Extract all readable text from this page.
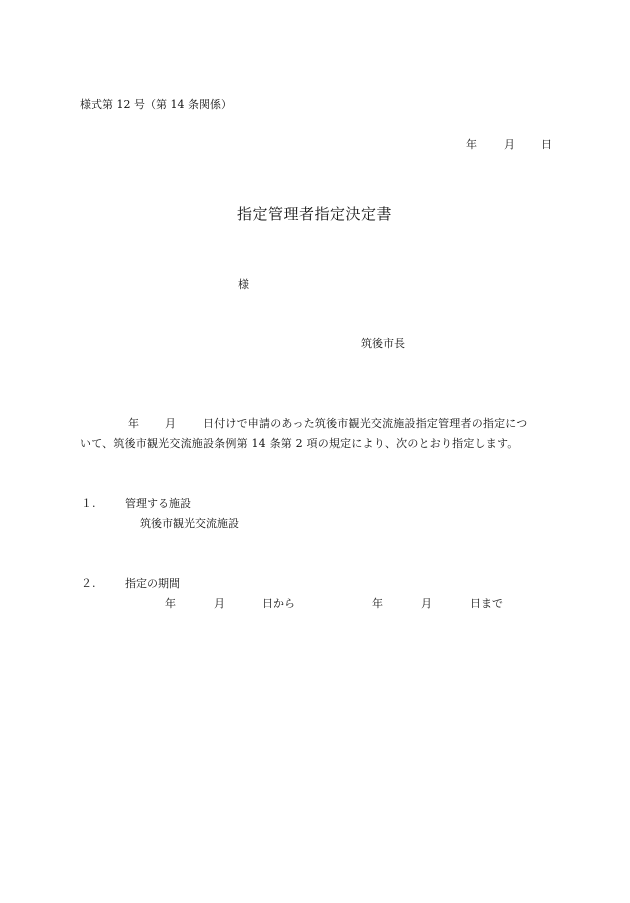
様式第 12 号（第 14 条関係）
年 月 日
指定管理者指定決定書
様
筑後市長
年 月 日付けで申請のあった筑後市観光交流施設指定管理者の指定につ
いて、筑後市観光交流施設条例第 14 条第 2 項の規定により、次のとおり指定します。
１.	管理する施設
筑後市観光交流施設
２.	指定の期間
年	月	日から	年	月	日まで
